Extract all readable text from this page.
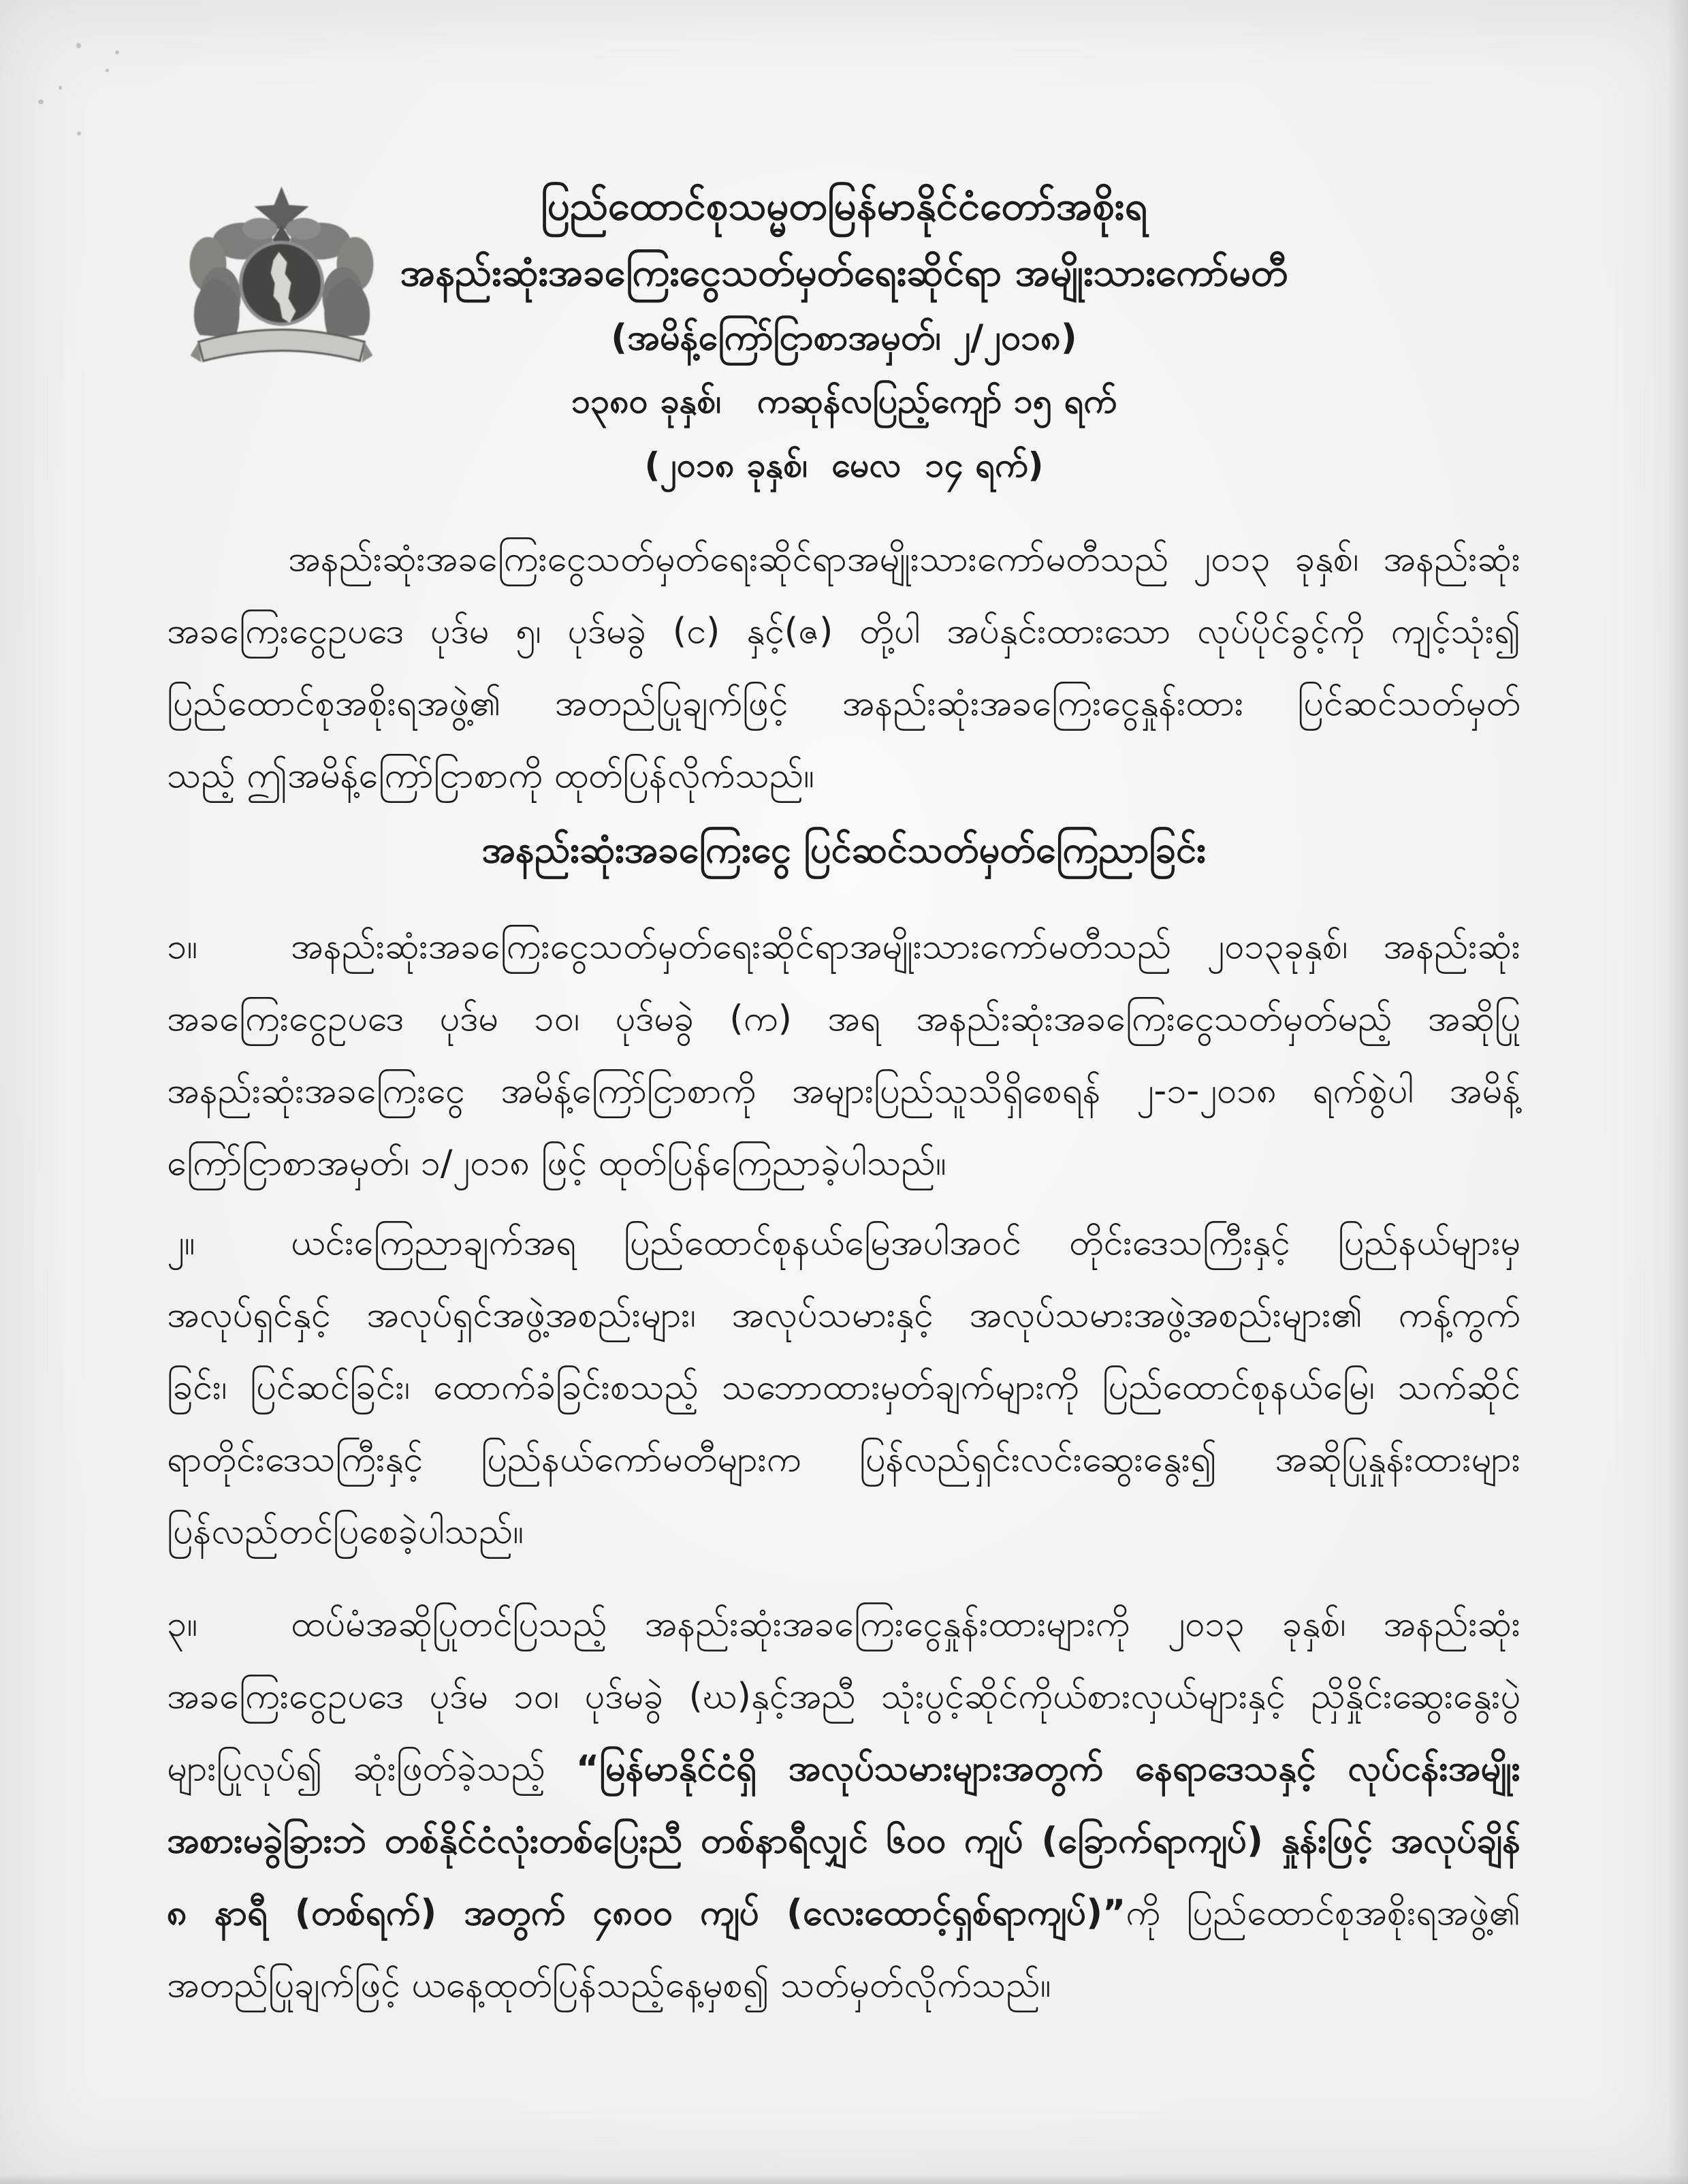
ပြည်ထောင်စုသမ္မတမြန်မာနိုင်ငံတော်အစိုးရ
အနည်းဆုံးအခကြေးငွေသတ်မှတ်ရေးဆိုင်ရာ အမျိုးသားကော်မတီ
(အမိန့်ကြော်ငြာစာအမှတ်၊ ၂/၂၀၁၈)
၁၃၈၀ ခုနှစ်၊   ကဆုန်လပြည့်ကျော် ၁၅ ရက်
(၂၀၁၈ ခုနှစ်၊  မေလ  ၁၄ ရက်)
အနည်းဆုံးအခကြေးငွေ ပြင်ဆင်သတ်မှတ်ကြေညာခြင်း
အနည်းဆုံးအခကြေးငွေသတ်မှတ်ရေးဆိုင်ရာအမျိုးသားကော်မတီသည် ၂၀၁၃ ခုနှစ်၊ အနည်းဆုံး
အခကြေးငွေဥပဒေ ပုဒ်မ ၅၊ ပုဒ်မခွဲ (င) နှင့်(ဇ) တို့ပါ အပ်နှင်းထားသော လုပ်ပိုင်ခွင့်ကို ကျင့်သုံး၍
ပြည်ထောင်စုအစိုးရအဖွဲ့၏ အတည်ပြုချက်ဖြင့် အနည်းဆုံးအခကြေးငွေနှုန်းထား ပြင်ဆင်သတ်မှတ်
သည့် ဤအမိန့်ကြော်ငြာစာကို ထုတ်ပြန်လိုက်သည်။
၁။	အနည်းဆုံးအခကြေးငွေသတ်မှတ်ရေးဆိုင်ရာအမျိုးသားကော်မတီသည် ၂၀၁၃ခုနှစ်၊ အနည်းဆုံး
အခကြေးငွေဥပဒေ ပုဒ်မ ၁၀၊ ပုဒ်မခွဲ (က) အရ အနည်းဆုံးအခကြေးငွေသတ်မှတ်မည့် အဆိုပြု
အနည်းဆုံးအခကြေးငွေ အမိန့်ကြော်ငြာစာကို အများပြည်သူသိရှိစေရန် ၂-၁-၂၀၁၈ ရက်စွဲပါ အမိန့်
ကြော်ငြာစာအမှတ်၊ ၁/၂၀၁၈ ဖြင့် ထုတ်ပြန်ကြေညာခဲ့ပါသည်။
၂။	ယင်းကြေညာချက်အရ ပြည်ထောင်စုနယ်မြေအပါအဝင် တိုင်းဒေသကြီးနှင့် ပြည်နယ်များမှ
အလုပ်ရှင်နှင့် အလုပ်ရှင်အဖွဲ့အစည်းများ၊ အလုပ်သမားနှင့် အလုပ်သမားအဖွဲ့အစည်းများ၏ ကန့်ကွက်
ခြင်း၊ ပြင်ဆင်ခြင်း၊ ထောက်ခံခြင်းစသည့် သဘောထားမှတ်ချက်များကို ပြည်ထောင်စုနယ်မြေ၊ သက်ဆိုင်
ရာတိုင်းဒေသကြီးနှင့် ပြည်နယ်ကော်မတီများက ပြန်လည်ရှင်းလင်းဆွေးနွေး၍ အဆိုပြုနှုန်းထားများ
ပြန်လည်တင်ပြစေခဲ့ပါသည်။
၃။	ထပ်မံအဆိုပြုတင်ပြသည့် အနည်းဆုံးအခကြေးငွေနှုန်းထားများကို ၂၀၁၃ ခုနှစ်၊ အနည်းဆုံး
အခကြေးငွေဥပဒေ ပုဒ်မ ၁၀၊ ပုဒ်မခွဲ (ဃ)နှင့်အညီ သုံးပွင့်ဆိုင်ကိုယ်စားလှယ်များနှင့် ညှိနှိုင်းဆွေးနွေးပွဲ
များပြုလုပ်၍ ဆုံးဖြတ်ခဲ့သည့် “မြန်မာနိုင်ငံရှိ အလုပ်သမားများအတွက် နေရာဒေသနှင့် လုပ်ငန်းအမျိုး
အစားမခွဲခြားဘဲ တစ်နိုင်ငံလုံးတစ်ပြေးညီ တစ်နာရီလျှင် ၆၀၀ ကျပ် (ခြောက်ရာကျပ်) နှုန်းဖြင့် အလုပ်ချိန်
၈ နာရီ (တစ်ရက်) အတွက် ၄၈၀၀ ကျပ် (လေးထောင့်ရှစ်ရာကျပ်)”ကို ပြည်ထောင်စုအစိုးရအဖွဲ့၏
အတည်ပြုချက်ဖြင့် ယနေ့ထုတ်ပြန်သည့်နေ့မှစ၍ သတ်မှတ်လိုက်သည်။
